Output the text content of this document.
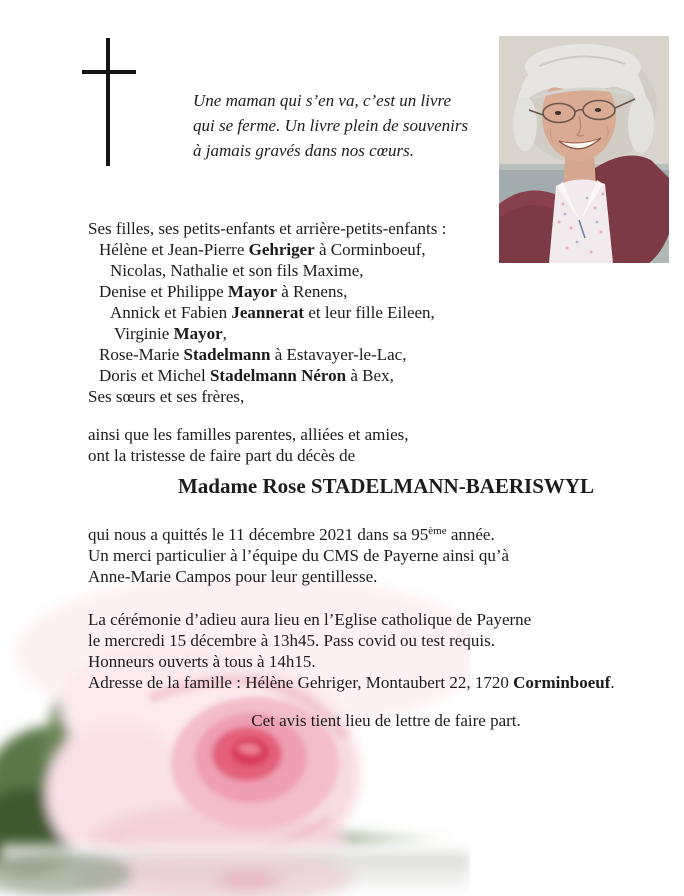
Une maman qui s’en va, c’est un livre
qui se ferme. Un livre plein de souvenirs
à jamais gravés dans nos cœurs.
Ses filles, ses petits-enfants et arrière-petits-enfants :
Hélène et Jean-Pierre Gehriger à Corminboeuf,
Nicolas, Nathalie et son fils Maxime,
Denise et Philippe Mayor à Renens,
Annick et Fabien Jeannerat et leur fille Eileen,
Virginie Mayor,
Rose-Marie Stadelmann à Estavayer-le-Lac,
Doris et Michel Stadelmann Néron à Bex,
Ses sœurs et ses frères,
ainsi que les familles parentes, alliées et amies,
ont la tristesse de faire part du décès de
Madame Rose STADELMANN-BAERISWYL
qui nous a quittés le 11 décembre 2021 dans sa 95ème année.
Un merci particulier à l’équipe du CMS de Payerne ainsi qu’à
Anne-Marie Campos pour leur gentillesse.
La cérémonie d’adieu aura lieu en l’Eglise catholique de Payerne
le mercredi 15 décembre à 13h45. Pass covid ou test requis.
Honneurs ouverts à tous à 14h15.
Adresse de la famille : Hélène Gehriger, Montaubert 22, 1720 Corminboeuf.
Cet avis tient lieu de lettre de faire part.
